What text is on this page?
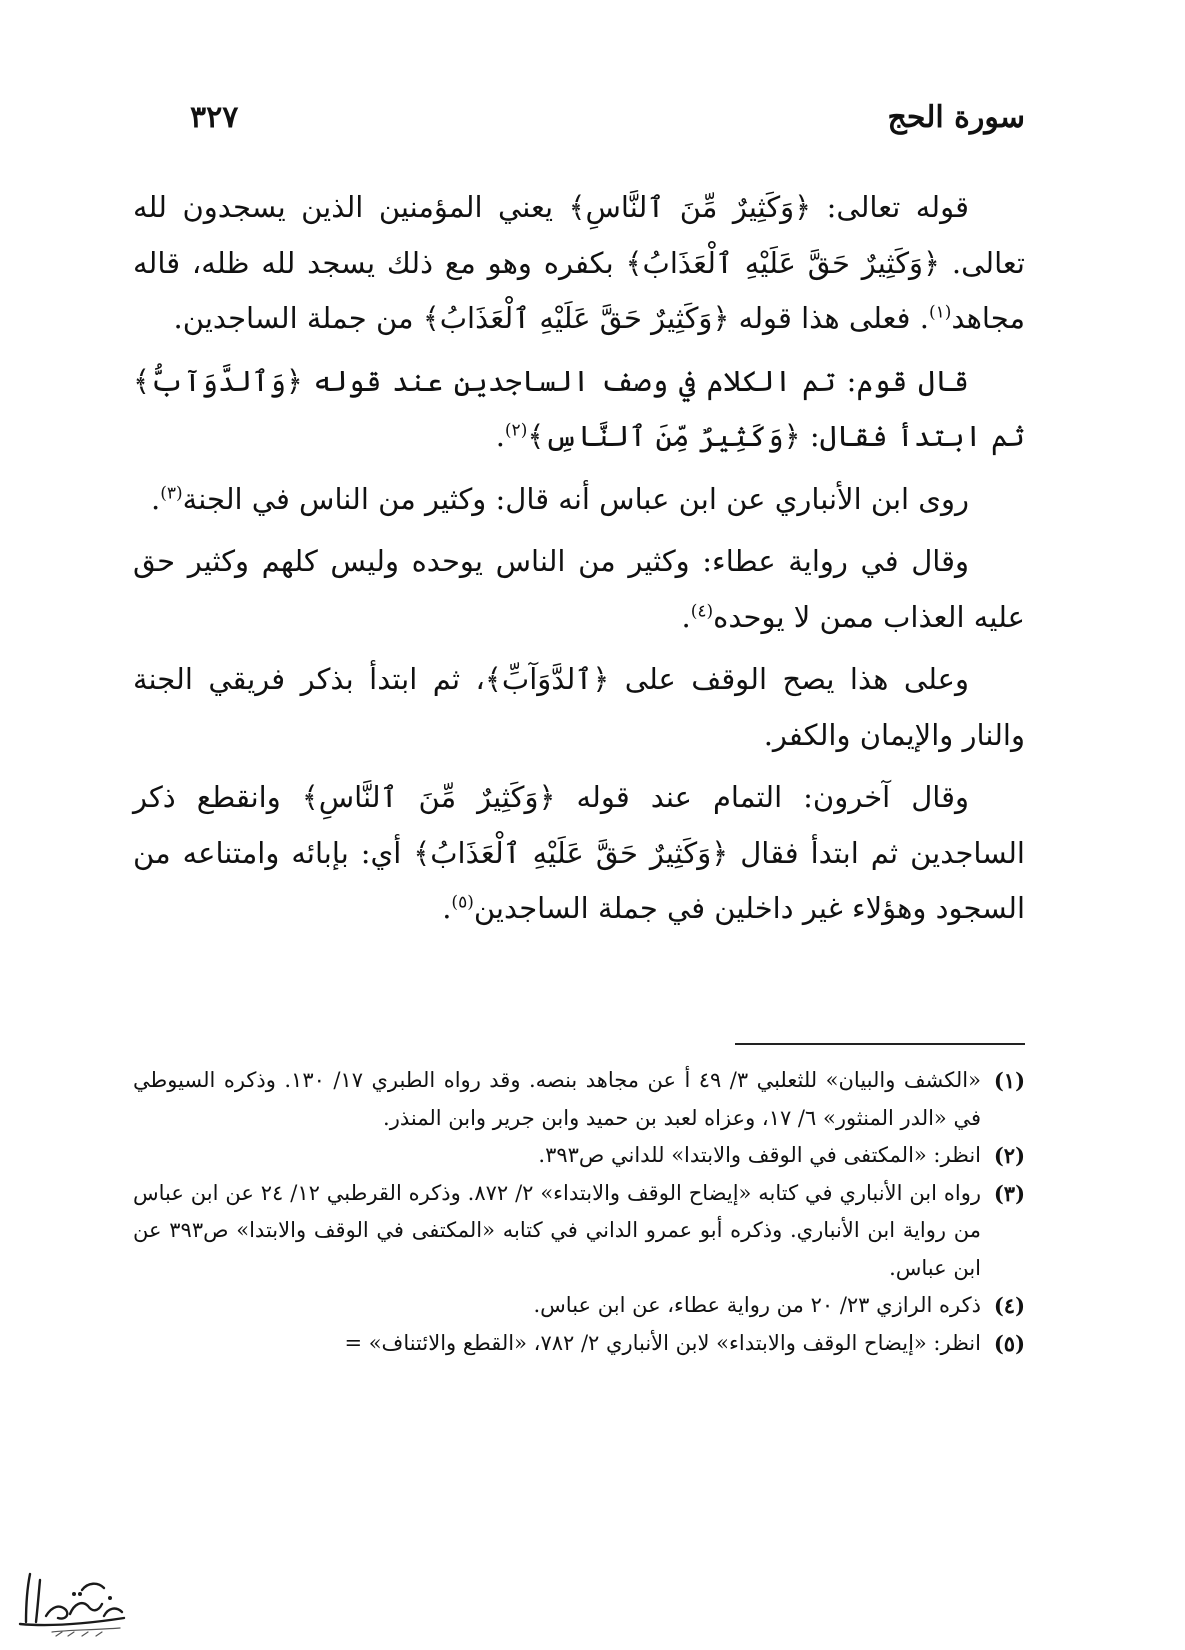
سورة الحج
٣٢٧

قوله تعالى: ﴿وَكَثِيرٌ مِّنَ ٱلنَّاسِ﴾ يعني المؤمنين الذين يسجدون لله تعالى. ﴿وَكَثِيرٌ حَقَّ عَلَيْهِ ٱلْعَذَابُ﴾ بكفره وهو مع ذلك يسجد لله ظله، قاله مجاهد$^{(١)}$. فعلى هذا قوله ﴿وَكَثِيرٌ حَقَّ عَلَيْهِ ٱلْعَذَابُ﴾ من جملة الساجدين.

قال قوم: تم الكلام في وصف الساجدين عند قوله ﴿وَٱلدَّوَآبُّ﴾ ثم ابتدأ فقال: ﴿وَكَثِيرٌ مِّنَ ٱلنَّاسِ﴾$^{(٢)}$.

روى ابن الأنباري عن ابن عباس أنه قال: وكثير من الناس في الجنة$^{(٣)}$.

وقال في رواية عطاء: وكثير من الناس يوحده وليس كلهم وكثير حق عليه العذاب ممن لا يوحده$^{(٤)}$.

وعلى هذا يصح الوقف على ﴿ٱلدَّوَآبِّ﴾، ثم ابتدأ بذكر فريقي الجنة والنار والإيمان والكفر.

وقال آخرون: التمام عند قوله ﴿وَكَثِيرٌ مِّنَ ٱلنَّاسِ﴾ وانقطع ذكر الساجدين ثم ابتدأ فقال ﴿وَكَثِيرٌ حَقَّ عَلَيْهِ ٱلْعَذَابُ﴾ أي: بإبائه وامتناعه من السجود وهؤلاء غير داخلين في جملة الساجدين$^{(٥)}$.

(١)
«الكشف والبيان» للثعلبي ٣/ ٤٩ أ عن مجاهد بنصه. وقد رواه الطبري ١٧/ ١٣٠. وذكره السيوطي في «الدر المنثور» ٦/ ١٧، وعزاه لعبد بن حميد وابن جرير وابن المنذر.
(٢)
انظر: «المكتفى في الوقف والابتدا» للداني ص٣٩٣.
(٣)
رواه ابن الأنباري في كتابه «إيضاح الوقف والابتداء» ٢/ ٨٧٢. وذكره القرطبي ١٢/ ٢٤ عن ابن عباس من رواية ابن الأنباري. وذكره أبو عمرو الداني في كتابه «المكتفى في الوقف والابتدا» ص٣٩٣ عن ابن عباس.
(٤)
ذكره الرازي ٢٣/ ٢٠ من رواية عطاء، عن ابن عباس.
(٥)
انظر: «إيضاح الوقف والابتداء» لابن الأنباري ٢/ ٧٨٢، «القطع والائتناف» =
